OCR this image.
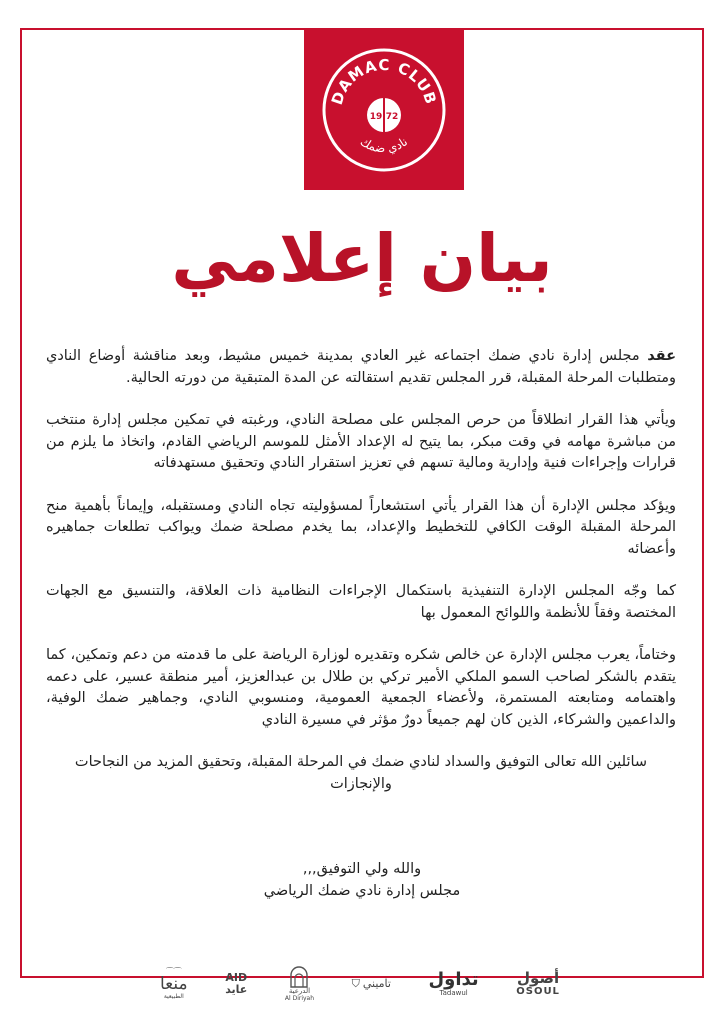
DAMAC CLUB
19 72
نادي ضمك
بيان إعلامي

عقد مجلس إدارة نادي ضمك اجتماعه غير العادي بمدينة خميس مشيط، وبعد مناقشة أوضاع النادي ومتطلبات المرحلة المقبلة، قرر المجلس تقديم استقالته عن المدة المتبقية من دورته الحالية.

ويأتي هذا القرار انطلاقاً من حرص المجلس على مصلحة النادي، ورغبته في تمكين مجلس إدارة منتخب من مباشرة مهامه في وقت مبكر، بما يتيح له الإعداد الأمثل للموسم الرياضي القادم، واتخاذ ما يلزم من قرارات وإجراءات فنية وإدارية ومالية تسهم في تعزيز استقرار النادي وتحقيق مستهدفاته

ويؤكد مجلس الإدارة أن هذا القرار يأتي استشعاراً لمسؤوليته تجاه النادي ومستقبله، وإيماناً بأهمية منح المرحلة المقبلة الوقت الكافي للتخطيط والإعداد، بما يخدم مصلحة ضمك ويواكب تطلعات جماهيره وأعضائه

كما وجّه المجلس الإدارة التنفيذية باستكمال الإجراءات النظامية ذات العلاقة، والتنسيق مع الجهات المختصة وفقاً للأنظمة واللوائح المعمول بها

وختاماً، يعرب مجلس الإدارة عن خالص شكره وتقديره لوزارة الرياضة على ما قدمته من دعم وتمكين، كما يتقدم بالشكر لصاحب السمو الملكي الأمير تركي بن طلال بن عبدالعزيز، أمير منطقة عسير، على دعمه واهتمامه ومتابعته المستمرة، ولأعضاء الجمعية العمومية، ومنسوبي النادي، وجماهير ضمك الوفية، والداعمين والشركاء، الذين كان لهم جميعاً دورٌ مؤثر في مسيرة النادي

سائلين الله تعالى التوفيق والسداد لنادي ضمك في المرحلة المقبلة، وتحقيق المزيد من النجاحات والإنجازات

والله ولي التوفيق,,,
مجلس إدارة نادي ضمك الرياضي
⌒⌒
منعا
الطبيعية
AID
عايد	الدرعية
Al Diriyah
⛉ تاميني تداول
Tadawul
أصول
OSOUL
